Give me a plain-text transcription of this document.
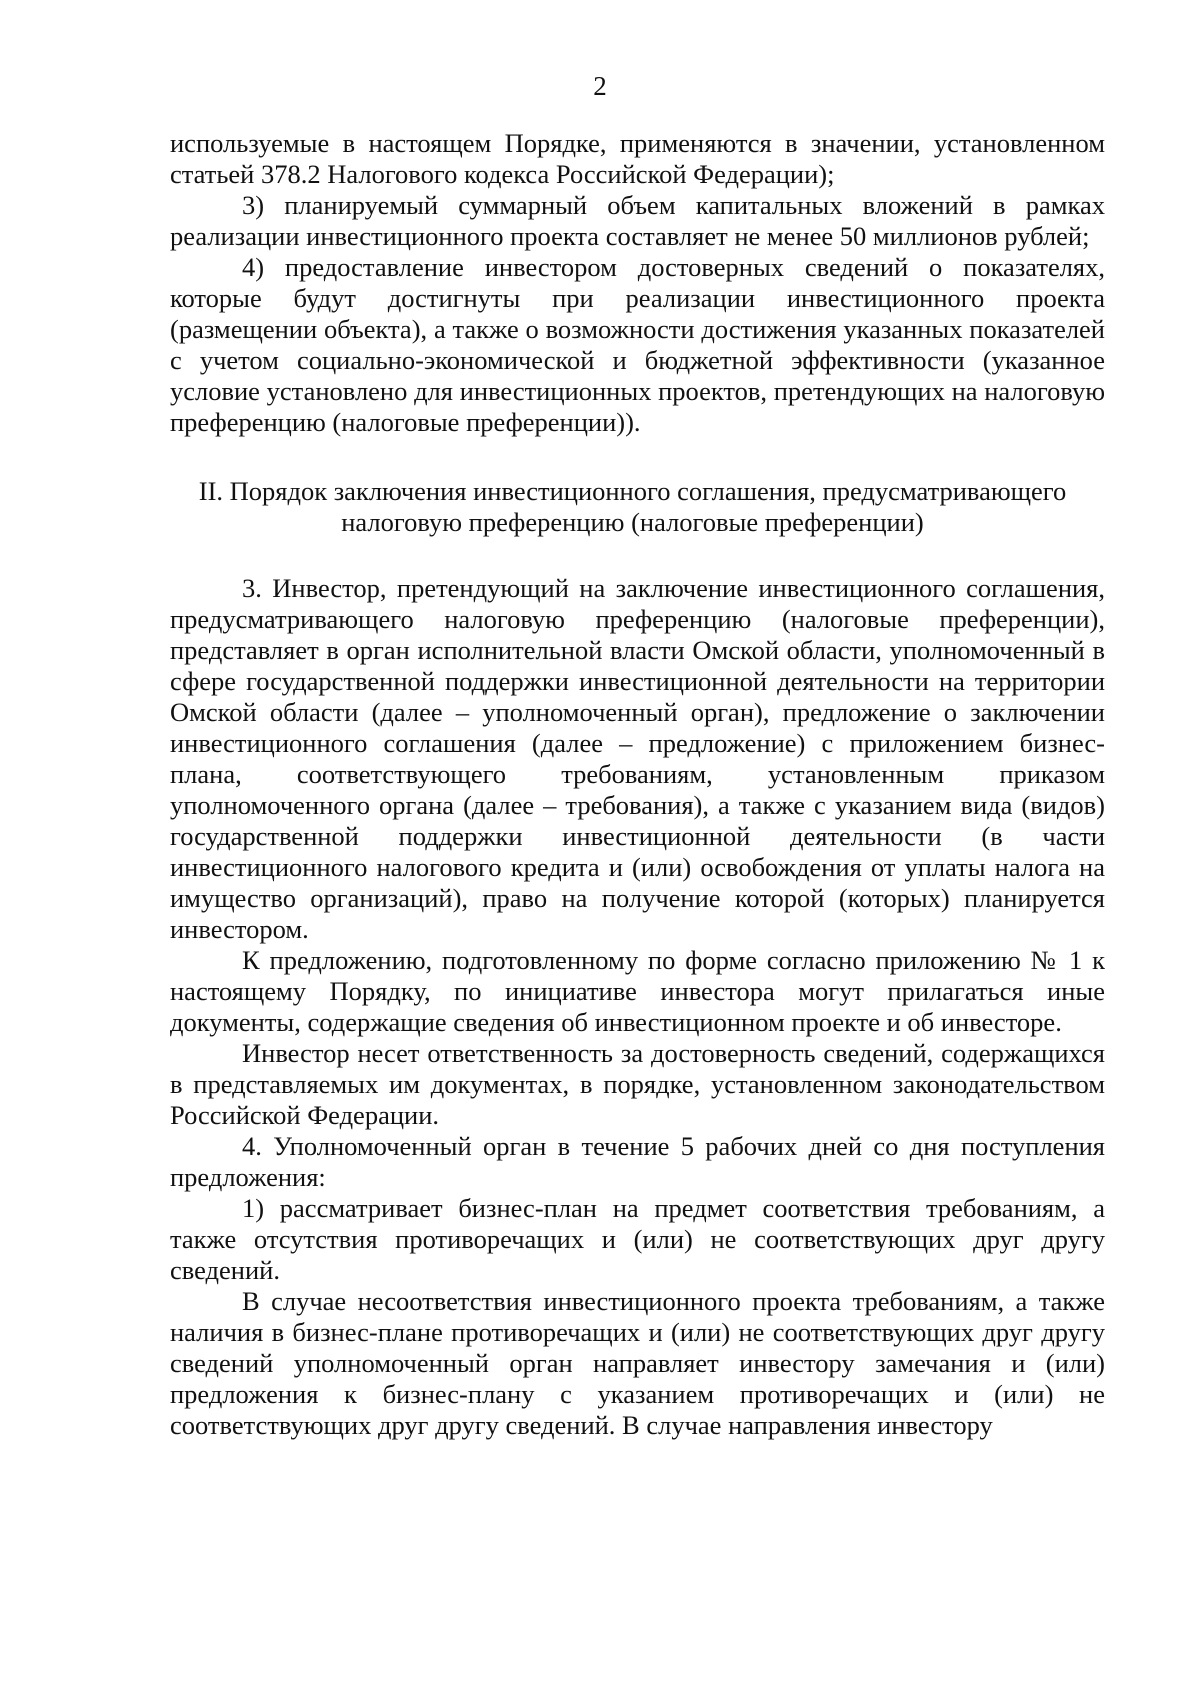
2

используемые в настоящем Порядке, применяются в значении, установленном статьей 378.2 Налогового кодекса Российской Федерации);

3) планируемый суммарный объем капитальных вложений в рамках реализации инвестиционного проекта составляет не менее 50 миллионов рублей;

4) предоставление инвестором достоверных сведений о показателях, которые будут достигнуты при реализации инвестиционного проекта (размещении объекта), а также о возможности достижения указанных показателей с учетом социально-экономической и бюджетной эффективности (указанное условие установлено для инвестиционных проектов, претендующих на налоговую преференцию (налоговые преференции)).

II. Порядок заключения инвестиционного соглашения, предусматривающего
налоговую преференцию (налоговые преференции)

3. Инвестор, претендующий на заключение инвестиционного соглашения, предусматривающего налоговую преференцию (налоговые преференции), представляет в орган исполнительной власти Омской области, уполномоченный в сфере государственной поддержки инвестиционной деятельности на территории Омской области (далее – уполномоченный орган), предложение о заключении инвестиционного соглашения (далее – предложение) с приложением бизнес-плана, соответствующего требованиям, установленным приказом уполномоченного органа (далее – требования), а также с указанием вида (видов) государственной поддержки инвестиционной деятельности (в части инвестиционного налогового кредита и (или) освобождения от уплаты налога на имущество организаций), право на получение которой (которых) планируется инвестором.

К предложению, подготовленному по форме согласно приложению № 1 к настоящему Порядку, по инициативе инвестора могут прилагаться иные документы, содержащие сведения об инвестиционном проекте и об инвесторе.

Инвестор несет ответственность за достоверность сведений, содержащихся в представляемых им документах, в порядке, установленном законодательством Российской Федерации.

4. Уполномоченный орган в течение 5 рабочих дней со дня поступления предложения:

1) рассматривает бизнес-план на предмет соответствия требованиям, а также отсутствия противоречащих и (или) не соответствующих друг другу сведений.

В случае несоответствия инвестиционного проекта требованиям, а также наличия в бизнес-плане противоречащих и (или) не соответствующих друг другу сведений уполномоченный орган направляет инвестору замечания и (или) предложения к бизнес-плану с указанием противоречащих и (или) не соответствующих друг другу сведений. В случае направления инвестору
